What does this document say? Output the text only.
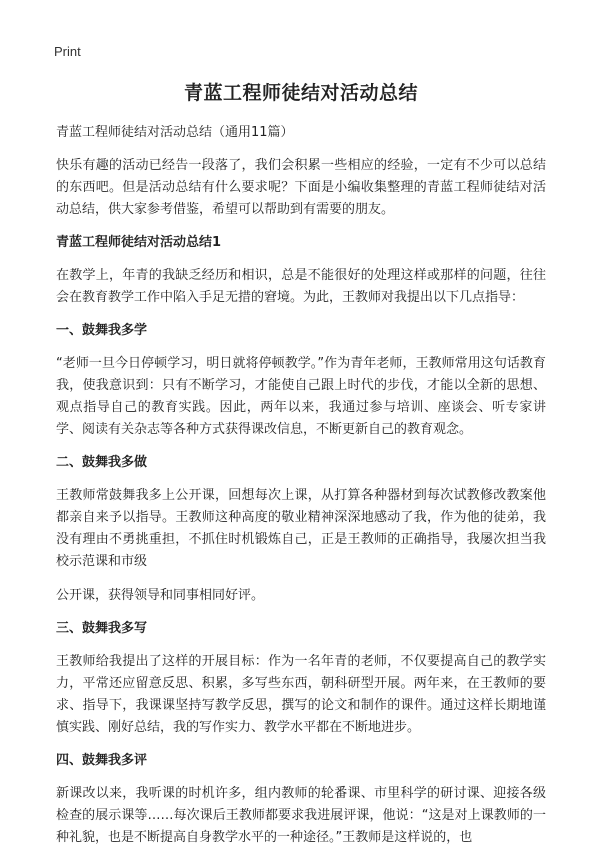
Print
青蓝工程师徒结对活动总结
青蓝工程师徒结对活动总结（通用11篇）
快乐有趣的活动已经告一段落了，我们会积累一些相应的经验，一定有不少可以总结的东西吧。但是活动总结有什么要求呢？下面是小编收集整理的青蓝工程师徒结对活动总结，供大家参考借鉴，希望可以帮助到有需要的朋友。
青蓝工程师徒结对活动总结1
在教学上，年青的我缺乏经历和相识，总是不能很好的处理这样或那样的问题，往往会在教育教学工作中陷入手足无措的窘境。为此，王教师对我提出以下几点指导：
一、鼓舞我多学
“老师一旦今日停顿学习，明日就将停顿教学。”作为青年老师，王教师常用这句话教育我，使我意识到：只有不断学习，才能使自己跟上时代的步伐，才能以全新的思想、观点指导自己的教育实践。因此，两年以来，我通过参与培训、座谈会、听专家讲学、阅读有关杂志等各种方式获得课改信息，不断更新自己的教育观念。
二、鼓舞我多做
王教师常鼓舞我多上公开课，回想每次上课，从打算各种器材到每次试教修改教案他都亲自来予以指导。王教师这种高度的敬业精神深深地感动了我，作为他的徒弟，我没有理由不勇挑重担，不抓住时机锻炼自己，正是王教师的正确指导，我屡次担当我校示范课和市级
公开课，获得领导和同事相同好评。
三、鼓舞我多写
王教师给我提出了这样的开展目标：作为一名年青的老师，不仅要提高自己的教学实力，平常还应留意反思、积累，多写些东西，朝科研型开展。两年来，在王教师的要求、指导下，我课课坚持写教学反思，撰写的论文和制作的课件。通过这样长期地谨慎实践、刚好总结，我的写作实力、教学水平都在不断地进步。
四、鼓舞我多评
新课改以来，我听课的时机许多，组内教师的轮番课、市里科学的研讨课、迎接各级检查的展示课等……每次课后王教师都要求我进展评课，他说：“这是对上课教师的一种礼貌，也是不断提高自身教学水平的一种途径。”王教师是这样说的，也
